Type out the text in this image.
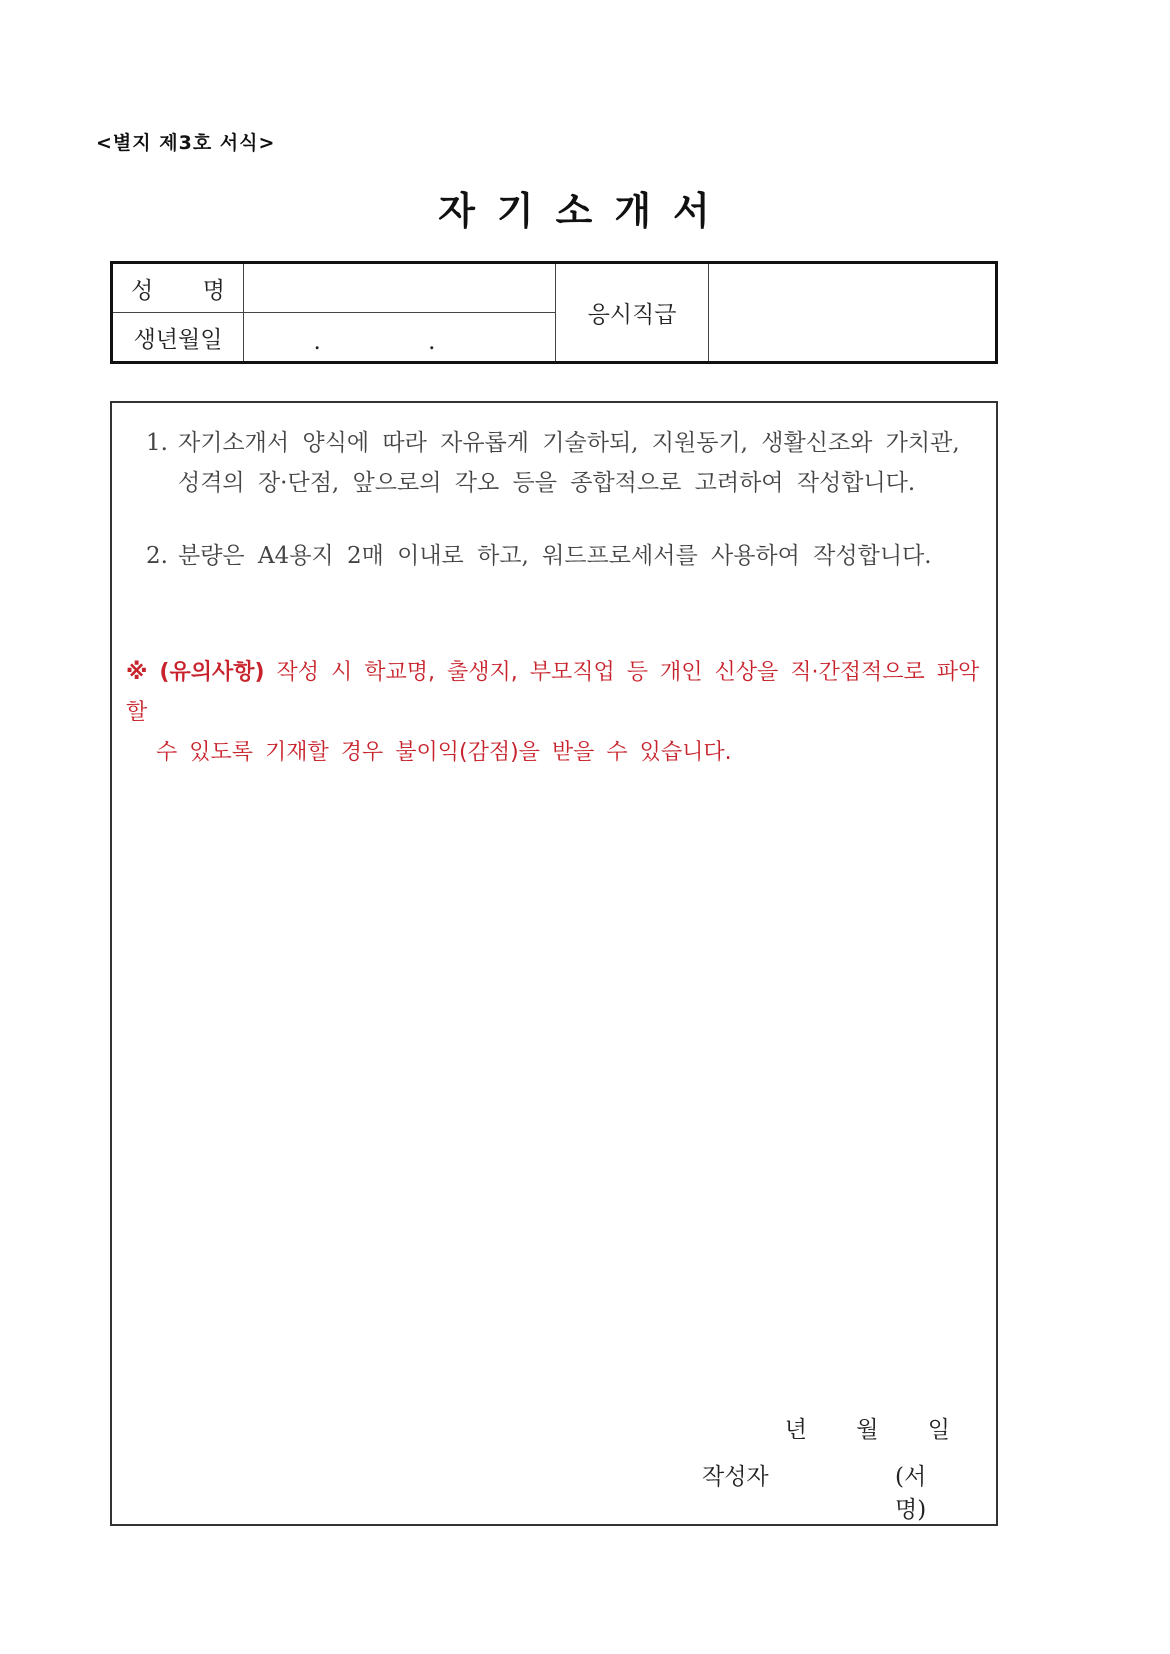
<별지 제3호 서식>
자기소개서
성 명		응시직급	
생년월일	. .		
1. 자기소개서 양식에 따라 자유롭게 기술하되, 지원동기, 생활신조와 가치관,
성격의 장·단점, 앞으로의 각오 등을 종합적으로 고려하여 작성합니다.
2. 분량은 A4용지 2매 이내로 하고, 워드프로세서를 사용하여 작성합니다.
※ (유의사항) 작성 시 학교명, 출생지, 부모직업 등 개인 신상을 직·간접적으로 파악할
수 있도록 기재할 경우 불이익(감점)을 받을 수 있습니다.
년 월 일
작성자	(서명)
